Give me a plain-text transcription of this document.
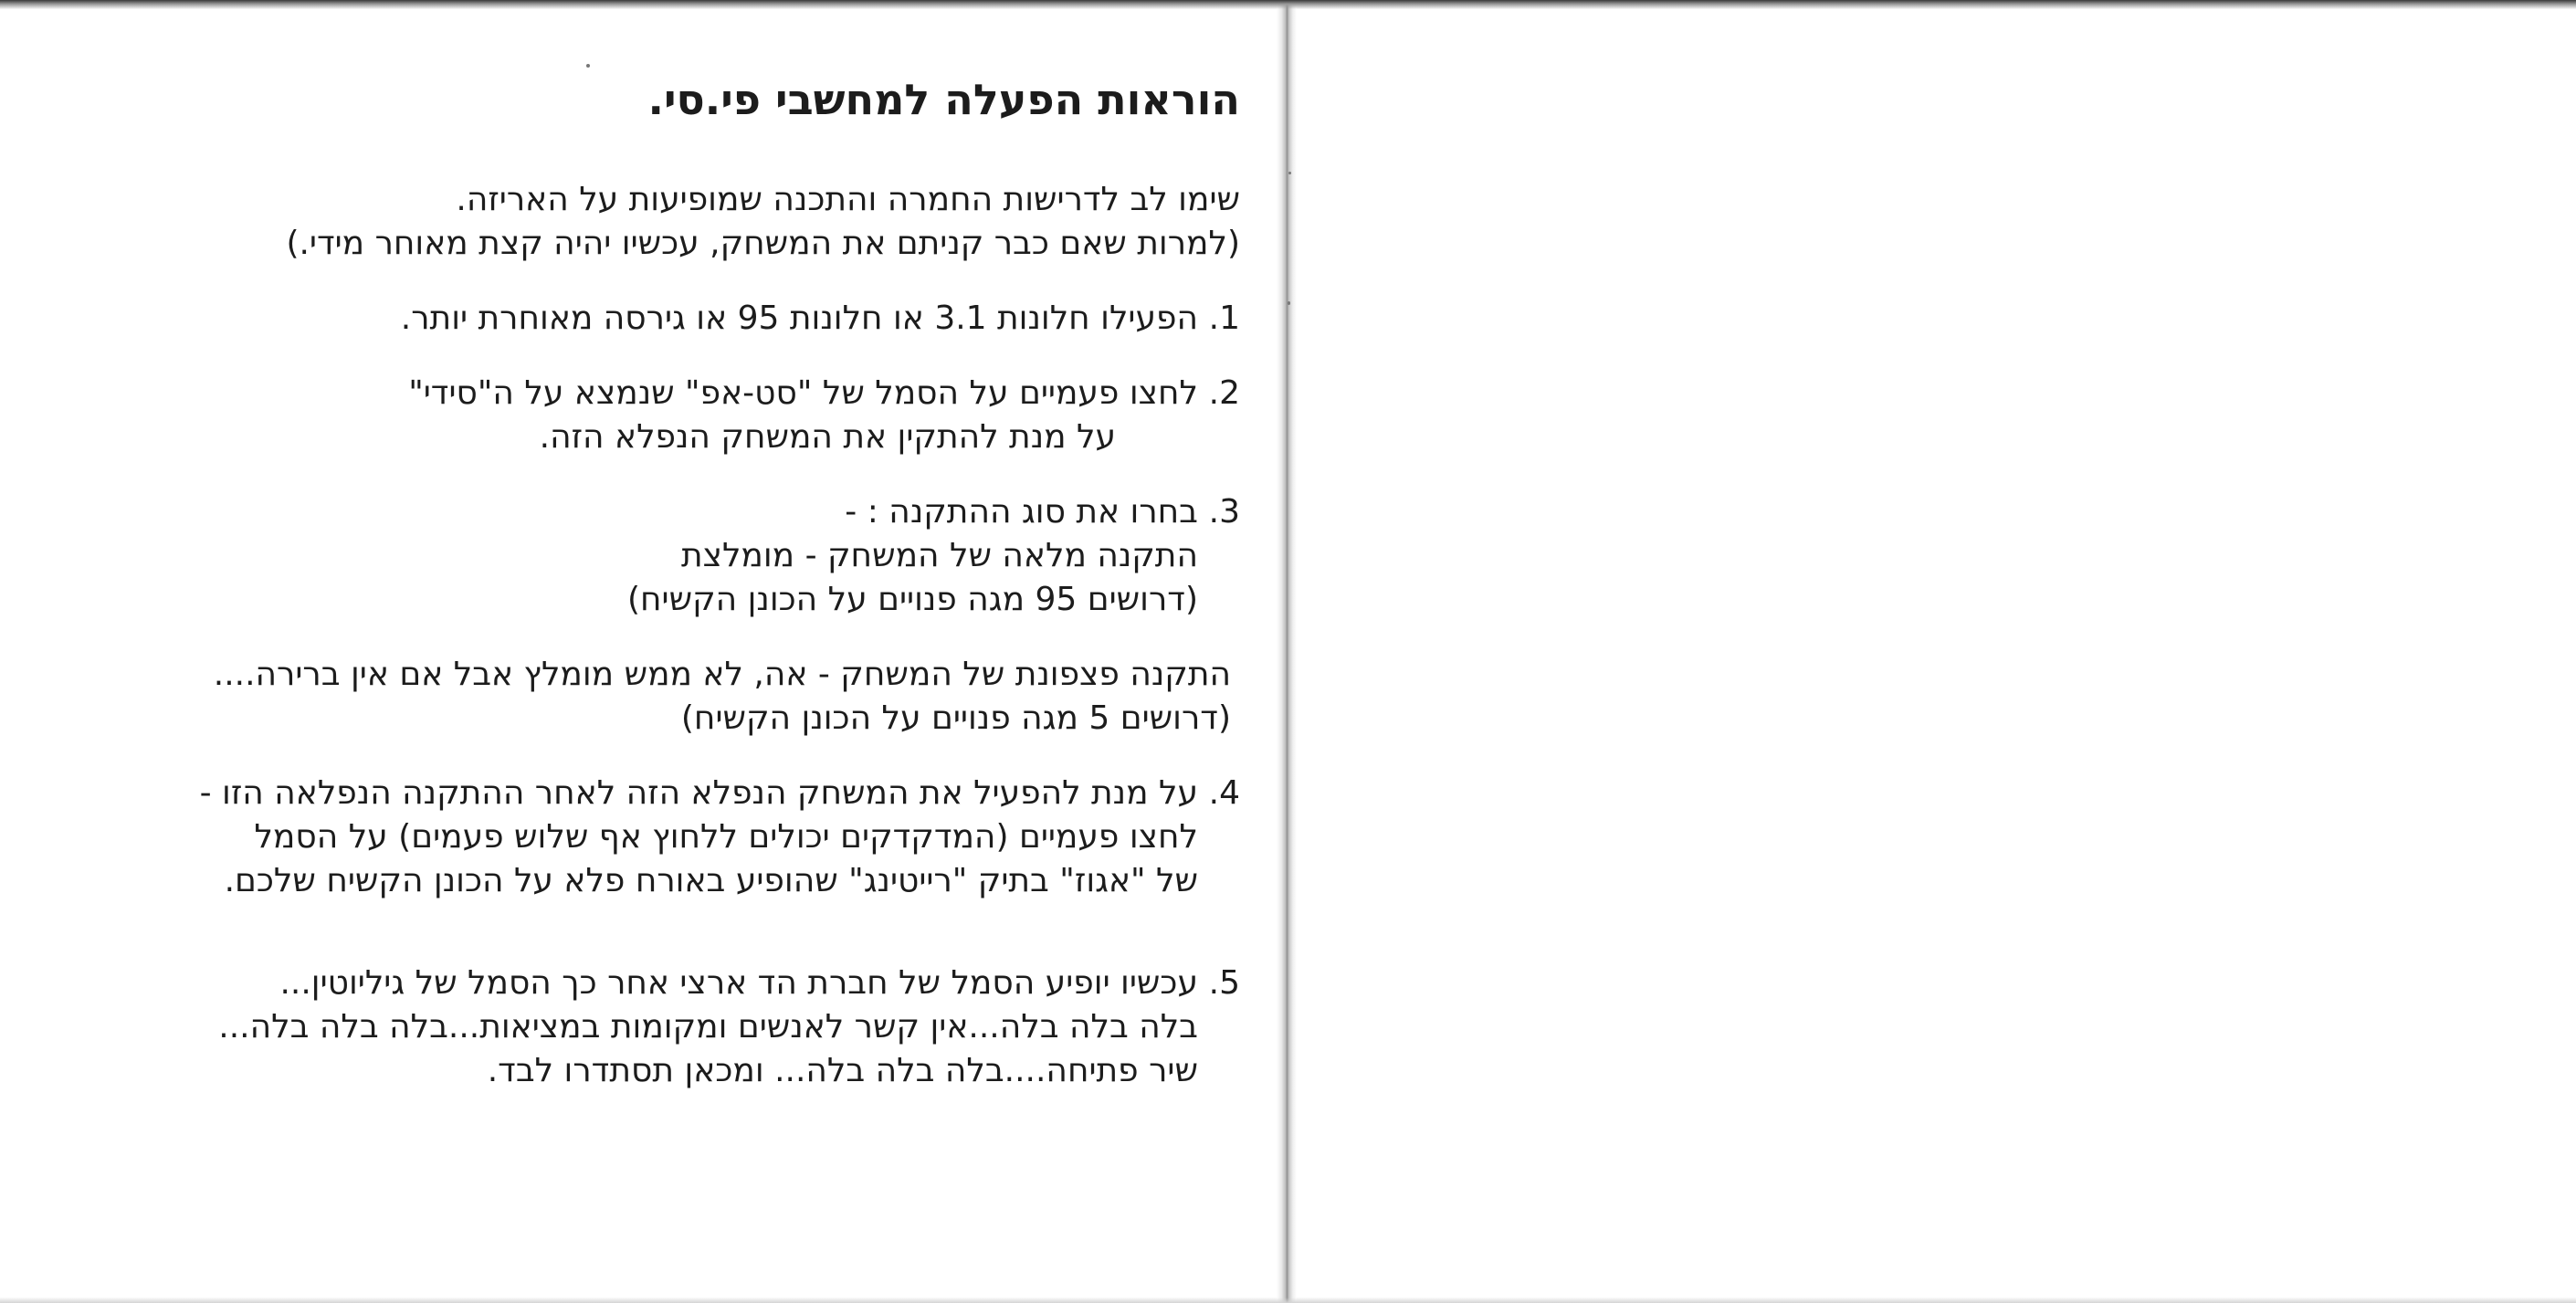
הוראות הפעלה למחשבי פי.סי.
שימו לב לדרישות החמרה והתכנה שמופיעות על האריזה.
(למרות שאם כבר קניתם את המשחק, עכשיו יהיה קצת מאוחר מידי.)
1.
הפעילו חלונות 3.1 או חלונות 95 או גירסה מאוחרת יותר.
2.
לחצו פעמיים על הסמל של "סט-אפ" שנמצא על ה"סידי"
על מנת להתקין את המשחק הנפלא הזה.
3.
בחרו את סוג ההתקנה : -
התקנה מלאה של המשחק - מומלצת
(דרושים 95 מגה פנויים על הכונן הקשיח)
התקנה פצפונת של המשחק - אה, לא ממש מומלץ אבל אם אין ברירה....
(דרושים 5 מגה פנויים על הכונן הקשיח)
4.
על מנת להפעיל את המשחק הנפלא הזה לאחר ההתקנה הנפלאה הזו -
לחצו פעמיים (המדקדקים יכולים ללחוץ אף שלוש פעמים) על הסמל
של "אגוז" בתיק "רייטינג" שהופיע באורח פלא על הכונן הקשיח שלכם.
5.
עכשיו יופיע הסמל של חברת הד ארצי אחר כך הסמל של גיליוטין...
בלה בלה בלה...אין קשר לאנשים ומקומות במציאות...בלה בלה בלה...
שיר פתיחה....בלה בלה בלה... ומכאן תסתדרו לבד.
